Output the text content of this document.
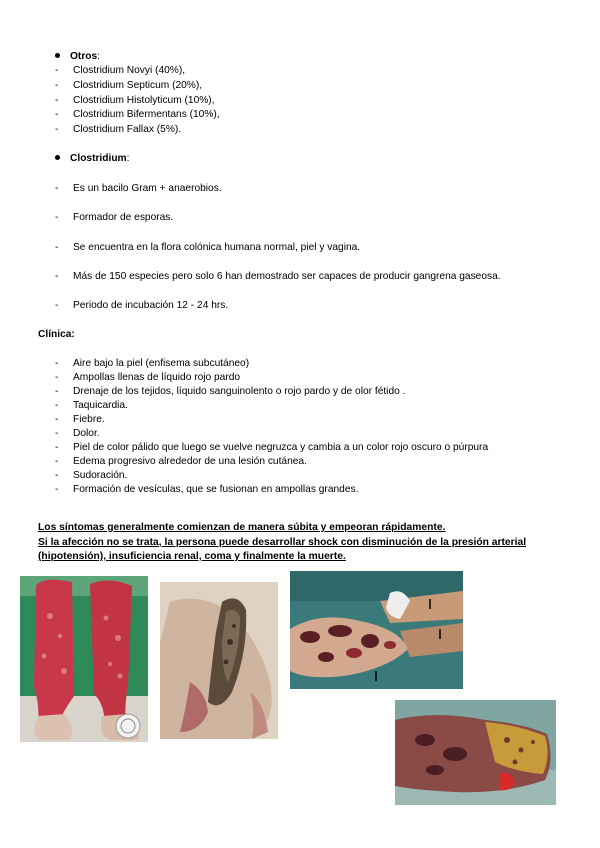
Otros:
- Clostridium Novyi (40%),
- Clostridium Septicum (20%),
- Clostridium Histolyticum (10%),
- Clostridium Bifermentans (10%),
- Clostridium Fallax (5%).
Clostridium:
- Es un bacilo Gram + anaerobios.
- Formador de esporas.
- Se encuentra en la flora colónica humana normal, piel y vagina.
- Más de 150 especies pero solo 6 han demostrado ser capaces de producir gangrena gaseosa.
- Periodo de incubación 12 - 24 hrs.
Clínica:
- Aire bajo la piel (enfisema subcutáneo)
- Ampollas llenas de líquido rojo pardo
- Drenaje de los tejidos, líquido sanguinolento o rojo pardo y de olor fétido .
- Taquicardia.
- Fiebre.
- Dolor.
- Piel de color pálido que luego se vuelve negruzca y cambia a un color rojo oscuro o púrpura
- Edema progresivo alrededor de una lesión cutánea.
- Sudoración.
- Formación de vesículas, que se fusionan en ampollas grandes.
Los síntomas generalmente comienzan de manera súbita y empeoran rápidamente.
Si la afección no se trata, la persona puede desarrollar shock con disminución de la presión arterial (hipotensión), insuficiencia renal, coma y finalmente la muerte.
